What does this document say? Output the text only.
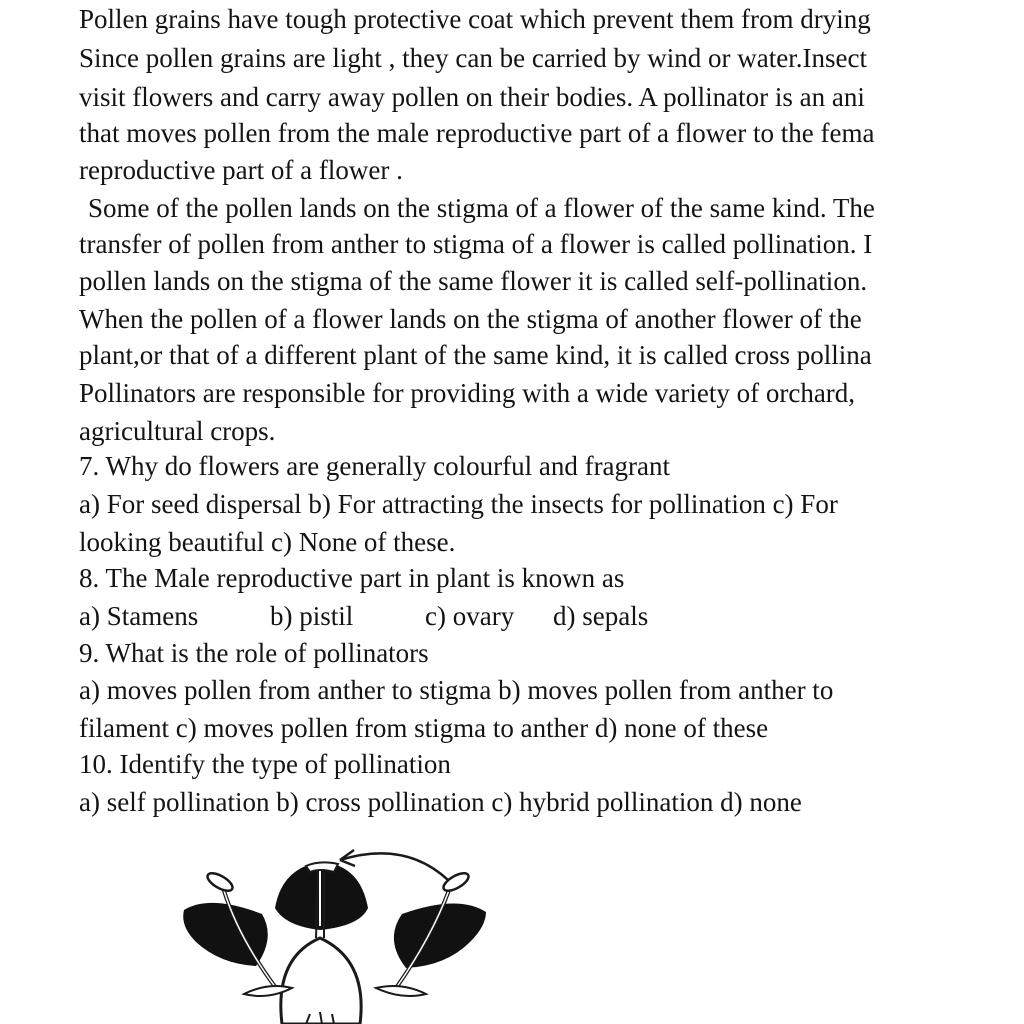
Pollen grains have tough protective coat which prevent them from drying
Since pollen grains are light , they can be carried by wind or water.Insect
visit flowers and carry away pollen on their bodies. A pollinator is an ani
that moves pollen from the male reproductive part of a flower to the fema
reproductive part of a flower .
Some of the pollen lands on the stigma of a flower of the same kind. The
transfer of pollen from anther to stigma of a flower is called pollination. I
pollen lands on the stigma of the same flower it is called self-pollination.
When the pollen of a flower lands on the stigma of another flower of the
plant,or that of a different plant of the same kind, it is called cross pollina
Pollinators are responsible for providing with a wide variety of orchard,
agricultural crops.
7. Why do flowers are generally colourful and fragrant
a) For seed dispersal b) For attracting the insects for pollination c) For
looking beautiful c) None of these.
8. The Male reproductive part in plant is known as
a) Stamens	b) pistil	c) ovary d) sepals
9. What is the role of pollinators
a) moves pollen from anther to stigma b) moves pollen from anther to
filament c) moves pollen from stigma to anther d) none of these
10. Identify the type of pollination
a) self pollination b) cross pollination c) hybrid pollination d) none
